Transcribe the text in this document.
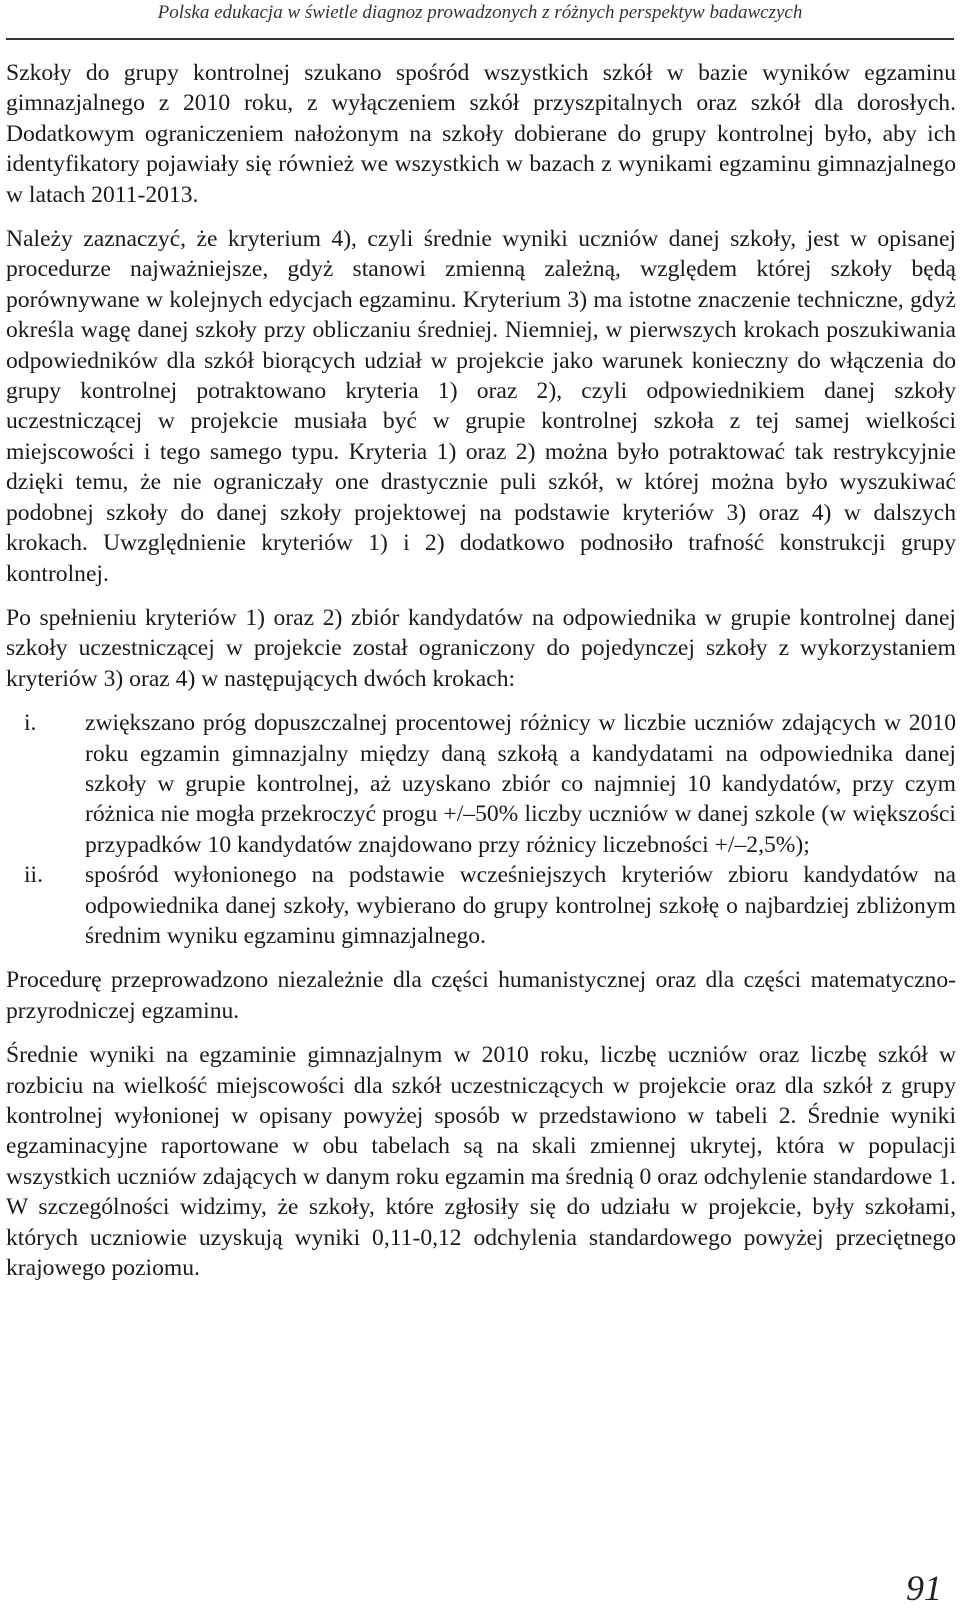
Polska edukacja w świetle diagnoz prowadzonych z różnych perspektyw badawczych

Szkoły do grupy kontrolnej szukano spośród wszystkich szkół w bazie wyników egzaminu gimnazjalnego z 2010 roku, z wyłączeniem szkół przyszpitalnych oraz szkół dla dorosłych. Dodatkowym ograniczeniem nałożonym na szkoły dobierane do grupy kontrolnej było, aby ich identyfikatory pojawiały się również we wszystkich w bazach z wynikami egzaminu gimnazjalnego w latach 2011-2013.

Należy zaznaczyć, że kryterium 4), czyli średnie wyniki uczniów danej szkoły, jest w opisanej procedurze najważniejsze, gdyż stanowi zmienną zależną, względem której szkoły będą porównywane w kolejnych edycjach egzaminu. Kryterium 3) ma istotne znaczenie techniczne, gdyż określa wagę danej szkoły przy obliczaniu średniej. Niemniej, w pierwszych krokach poszukiwania odpowiedników dla szkół biorących udział w projekcie jako warunek konieczny do włączenia do grupy kontrolnej potraktowano kryteria 1) oraz 2), czyli odpowiednikiem danej szkoły uczestniczącej w projekcie musiała być w grupie kontrolnej szkoła z tej samej wielkości miejscowości i tego samego typu. Kryteria 1) oraz 2) można było potraktować tak restrykcyjnie dzięki temu, że nie ograniczały one drastycznie puli szkół, w której można było wyszukiwać podobnej szkoły do danej szkoły projektowej na podstawie kryteriów 3) oraz 4) w dalszych krokach. Uwzględnienie kryteriów 1) i 2) dodatkowo podnosiło trafność konstrukcji grupy kontrolnej.

Po spełnieniu kryteriów 1) oraz 2) zbiór kandydatów na odpowiednika w grupie kontrolnej danej szkoły uczestniczącej w projekcie został ograniczony do pojedynczej szkoły z wykorzystaniem kryteriów 3) oraz 4) w następujących dwóch krokach:

i. zwiększano próg dopuszczalnej procentowej różnicy w liczbie uczniów zdających w 2010 roku egzamin gimnazjalny między daną szkołą a kandydatami na odpowiednika danej szkoły w grupie kontrolnej, aż uzyskano zbiór co najmniej 10 kandydatów, przy czym różnica nie mogła przekroczyć progu +/–50% liczby uczniów w danej szkole (w większości przypadków 10 kandydatów znajdowano przy różnicy liczebności +/–2,5%);
ii. spośród wyłonionego na podstawie wcześniejszych kryteriów zbioru kandydatów na odpowiednika danej szkoły, wybierano do grupy kontrolnej szkołę o najbardziej zbliżonym średnim wyniku egzaminu gimnazjalnego.

Procedurę przeprowadzono niezależnie dla części humanistycznej oraz dla części matematyczno-przyrodniczej egzaminu.

Średnie wyniki na egzaminie gimnazjalnym w 2010 roku, liczbę uczniów oraz liczbę szkół w rozbiciu na wielkość miejscowości dla szkół uczestniczących w projekcie oraz dla szkół z grupy kontrolnej wyłonionej w opisany powyżej sposób w przedstawiono w tabeli 2. Średnie wyniki egzaminacyjne raportowane w obu tabelach są na skali zmiennej ukrytej, która w populacji wszystkich uczniów zdających w danym roku egzamin ma średnią 0 oraz odchylenie standardowe 1. W szczególności widzimy, że szkoły, które zgłosiły się do udziału w projekcie, były szkołami, których uczniowie uzyskują wyniki 0,11-0,12 odchylenia standardowego powyżej przeciętnego krajowego poziomu.

91
